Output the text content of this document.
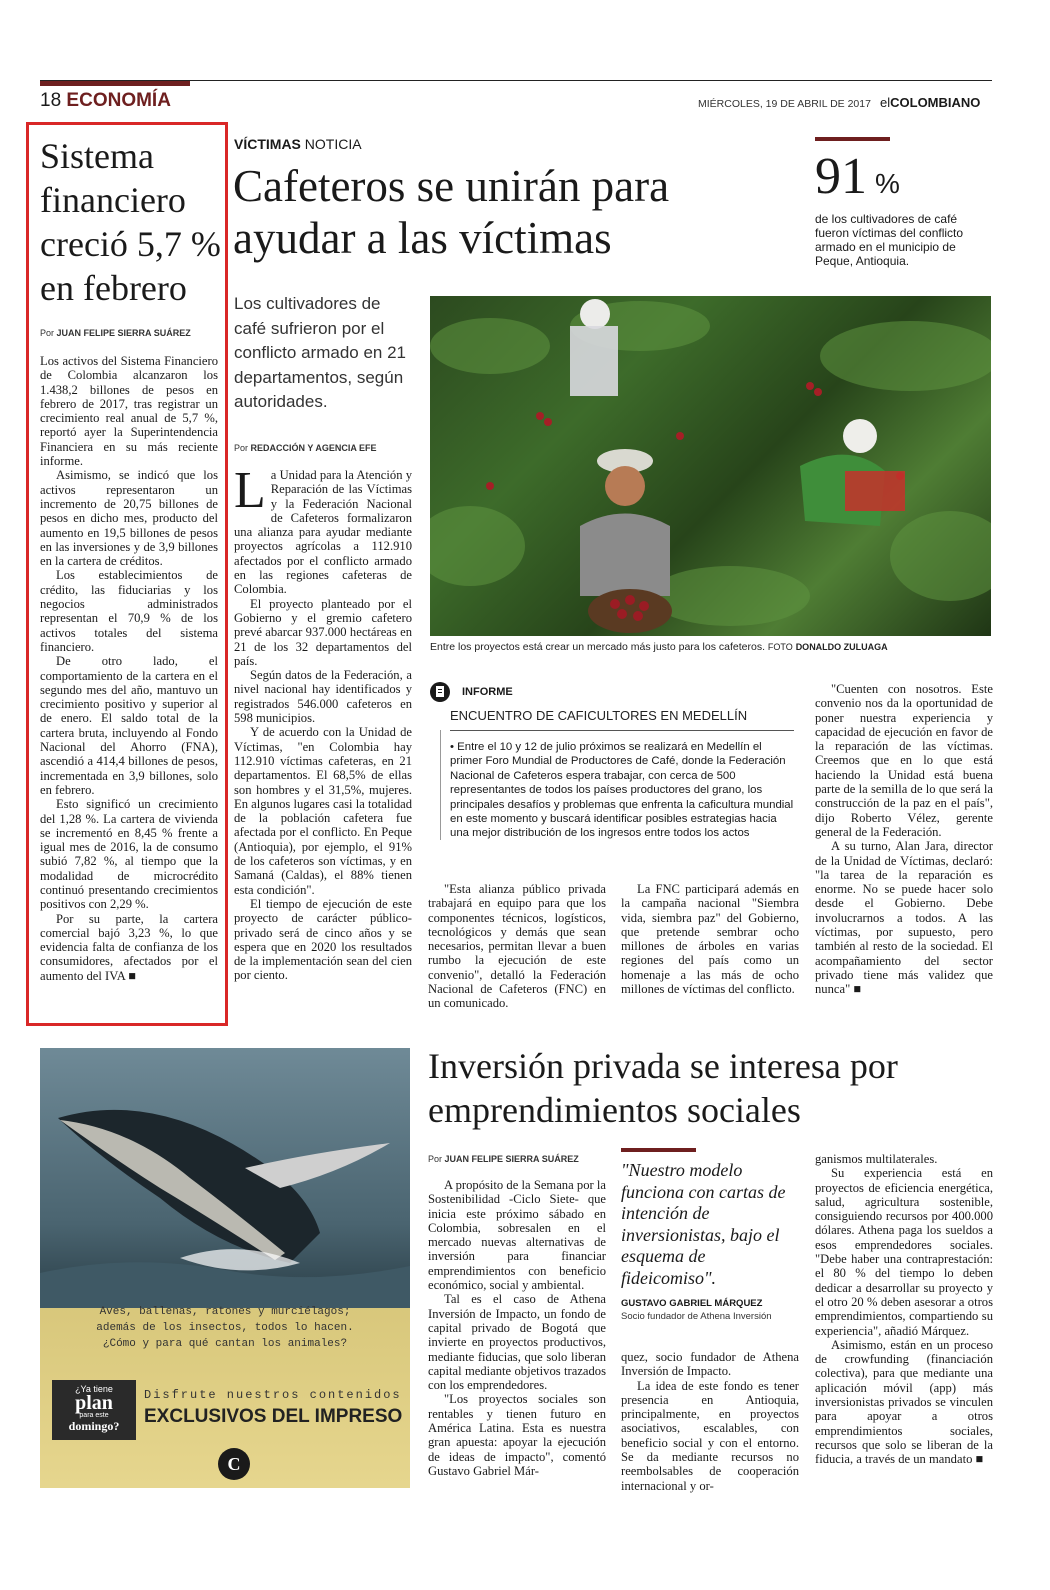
18 ECONOMÍA	MIÉRCOLES, 19 DE ABRIL DE 2017 elCOLOMBIANO
Sistema financiero creció 5,7 % en febrero
Por JUAN FELIPE SIERRA SUÁREZ

Los activos del Sistema Financiero de Colombia alcanzaron los 1.438,2 billones de pesos en febrero de 2017, tras registrar un crecimiento real anual de 5,7 %, reportó ayer la Superintendencia Financiera en su más reciente informe.

Asimismo, se indicó que los activos representaron un incremento de 20,75 billones de pesos en dicho mes, producto del aumento en 19,5 billones de pesos en las inversiones y de 3,9 billones en la cartera de créditos.

Los establecimientos de crédito, las fiduciarias y los negocios administrados representan el 70,9 % de los activos totales del sistema financiero.

De otro lado, el comportamiento de la cartera en el segundo mes del año, mantuvo un crecimiento positivo y superior al de enero. El saldo total de la cartera bruta, incluyendo al Fondo Nacional del Ahorro (FNA), ascendió a 414,4 billones de pesos, incrementada en 3,9 billones, solo en febrero.

Esto significó un crecimiento del 1,28 %. La cartera de vivienda se incrementó en 8,45 % frente a igual mes de 2016, la de consumo subió 7,82 %, al tiempo que la modalidad de microcrédito continuó presentando crecimientos positivos con 2,29 %.

Por su parte, la cartera comercial bajó 3,23 %, lo que evidencia falta de confianza de los consumidores, afectados por el aumento del IVA ■

VÍCTIMAS NOTICIA
Cafeteros se unirán para ayudar a las víctimas
Los cultivadores de café sufrieron por el conflicto armado en 21 departamentos, según autoridades.
Por REDACCIÓN Y AGENCIA EFE

La Unidad para la Atención y Reparación de las Víctimas y la Federación Nacional de Cafeteros formalizaron una alianza para ayudar mediante proyectos agrícolas a 112.910 afectados por el conflicto armado en las regiones cafeteras de Colombia.

El proyecto planteado por el Gobierno y el gremio cafetero prevé abarcar 937.000 hectáreas en 21 de los 32 departamentos del país.

Según datos de la Federación, a nivel nacional hay identificados y registrados 546.000 cafeteros en 598 municipios.

Y de acuerdo con la Unidad de Víctimas, "en Colombia hay 112.910 víctimas cafeteras, en 21 departamentos. El 68,5% de ellas son hombres y el 31,5%, mujeres. En algunos lugares casi la totalidad de la población cafetera fue afectada por el conflicto. En Peque (Antioquia), por ejemplo, el 91% de los cafeteros son víctimas, y en Samaná (Caldas), el 88% tienen esta condición".

El tiempo de ejecución de este proyecto de carácter público-privado será de cinco años y se espera que en 2020 los resultados de la implementación sean del cien por ciento.

91 %
de los cultivadores de café fueron víctimas del conflicto armado en el municipio de Peque, Antioquia.
Entre los proyectos está crear un mercado más justo para los cafeteros. FOTO DONALDO ZULUAGA
INFORME
ENCUENTRO DE CAFICULTORES EN MEDELLÍN
• Entre el 10 y 12 de julio próximos se realizará en Medellín el primer Foro Mundial de Productores de Café, donde la Federación Nacional de Cafeteros espera trabajar, con cerca de 500 representantes de todos los países productores del grano, los principales desafíos y problemas que enfrenta la caficultura mundial en este momento y buscará identificar posibles estrategias hacia una mejor distribución de los ingresos entre todos los actos

"Esta alianza público privada trabajará en equipo para que los componentes técnicos, logísticos, tecnológicos y demás que sean necesarios, permitan llevar a buen rumbo la ejecución de este convenio", detalló la Federación Nacional de Cafeteros (FNC) en un comunicado.

La FNC participará además en la campaña nacional "Siembra vida, siembra paz" del Gobierno, que pretende sembrar ocho millones de árboles en varias regiones del país como un homenaje a las más de ocho millones de víctimas del conflicto.

"Cuenten con nosotros. Este convenio nos da la oportunidad de poner nuestra experiencia y capacidad de ejecución en favor de la reparación de las víctimas. Creemos que en lo que está haciendo la Unidad está buena parte de la semilla de lo que será la construcción de la paz en el país", dijo Roberto Vélez, gerente general de la Federación.

A su turno, Alan Jara, director de la Unidad de Víctimas, declaró: "la tarea de la reparación es enorme. No se puede hacer solo desde el Gobierno. Debe involucrarnos a todos. A las víctimas, por supuesto, pero también al resto de la sociedad. El acompañamiento del sector privado tiene más validez que nunca" ■

Aves, ballenas, ratones y murciélagos;
además de los insectos, todos lo hacen.
¿Cómo y para qué cantan los animales?
¿Ya tiene
plan
para este
domingo?
Disfrute nuestros contenidos
EXCLUSIVOS DEL IMPRESO
C
Inversión privada se interesa por emprendimientos sociales
Por JUAN FELIPE SIERRA SUÁREZ

A propósito de la Semana por la Sostenibilidad -Ciclo Siete- que inicia este próximo sábado en Colombia, sobresalen en el mercado nuevas alternativas de inversión para financiar emprendimientos con beneficio económico, social y ambiental.

Tal es el caso de Athena Inversión de Impacto, un fondo de capital privado de Bogotá que invierte en proyectos productivos, mediante fiducias, que solo liberan capital mediante objetivos trazados con los emprendedores.

"Los proyectos sociales son rentables y tienen futuro en América Latina. Esta es nuestra gran apuesta: apoyar la ejecución de ideas de impacto", comentó Gustavo Gabriel Már-

"Nuestro modelo funciona con cartas de intención de inversionistas, bajo el esquema de fideicomiso".
GUSTAVO GABRIEL MÁRQUEZ
Socio fundador de Athena Inversión

quez, socio fundador de Athena Inversión de Impacto.

La idea de este fondo es tener presencia en Antioquia, principalmente, en proyectos asociativos, escalables, con beneficio social y con el entorno. Se da mediante recursos no reembolsables de cooperación internacional y or-

ganismos multilaterales.

Su experiencia está en proyectos de eficiencia energética, salud, agricultura sostenible, consiguiendo recursos por 400.000 dólares. Athena paga los sueldos a esos emprendedores sociales. "Debe haber una contraprestación: el 80 % del tiempo lo deben dedicar a desarrollar su proyecto y el otro 20 % deben asesorar a otros emprendimientos, compartiendo su experiencia", añadió Márquez.

Asimismo, están en un proceso de crowfunding (financiación colectiva), para que mediante una aplicación móvil (app) más inversionistas privados se vinculen para apoyar a otros emprendimientos sociales, recursos que solo se liberan de la fiducia, a través de un mandato ■
